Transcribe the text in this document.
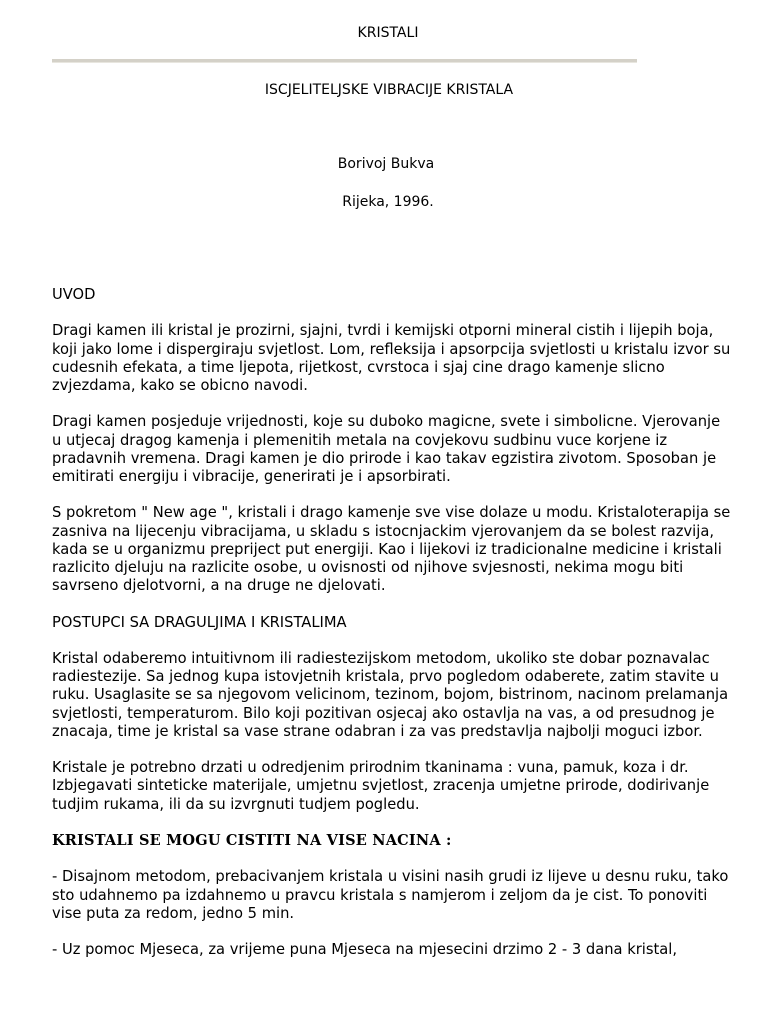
KRISTALI
ISCJELITELJSKE VIBRACIJE KRISTALA
Borivoj Bukva
Rijeka, 1996.
UVOD

Dragi kamen ili kristal je prozirni, sjajni, tvrdi i kemijski otporni mineral cistih i lijepih boja, koji jako lome i dispergiraju svjetlost. Lom, refleksija i apsorpcija svjetlosti u kristalu izvor su cudesnih efekata, a time ljepota, rijetkost, cvrstoca i sjaj cine drago kamenje slicno zvjezdama, kako se obicno navodi.

Dragi kamen posjeduje vrijednosti, koje su duboko magicne, svete i simbolicne. Vjerovanje u utjecaj dragog kamenja i plemenitih metala na covjekovu sudbinu vuce korjene iz pradavnih vremena. Dragi kamen je dio prirode i kao takav egzistira zivotom. Sposoban je emitirati energiju i vibracije, generirati je i apsorbirati.

S pokretom " New age ", kristali i drago kamenje sve vise dolaze u modu. Kristaloterapija se zasniva na lijecenju vibracijama, u skladu s istocnjackim vjerovanjem da se bolest razvija, kada se u organizmu prepriject put energiji. Kao i lijekovi iz tradicionalne medicine i kristali razlicito djeluju na razlicite osobe, u ovisnosti od njihove svjesnosti, nekima mogu biti savrseno djelotvorni, a na druge ne djelovati.

POSTUPCI SA DRAGULJIMA I KRISTALIMA

Kristal odaberemo intuitivnom ili radiestezijskom metodom, ukoliko ste dobar poznavalac radiestezije. Sa jednog kupa istovjetnih kristala, prvo pogledom odaberete, zatim stavite u ruku. Usaglasite se sa njegovom velicinom, tezinom, bojom, bistrinom, nacinom prelamanja svjetlosti, temperaturom. Bilo koji pozitivan osjecaj ako ostavlja na vas, a od presudnog je znacaja, time je kristal sa vase strane odabran i za vas predstavlja najbolji moguci izbor.

Kristale je potrebno drzati u odredjenim prirodnim tkaninama : vuna, pamuk, koza i dr. Izbjegavati sinteticke materijale, umjetnu svjetlost, zracenja umjetne prirode, dodirivanje tudjim rukama, ili da su izvrgnuti tudjem pogledu.

KRISTALI SE MOGU CISTITI NA VISE NACINA :

- Disajnom metodom, prebacivanjem kristala u visini nasih grudi iz lijeve u desnu ruku, tako sto udahnemo pa izdahnemo u pravcu kristala s namjerom i zeljom da je cist. To ponoviti vise puta za redom, jedno 5 min.

- Uz pomoc Mjeseca, za vrijeme puna Mjeseca na mjesecini drzimo 2 - 3 dana kristal,
